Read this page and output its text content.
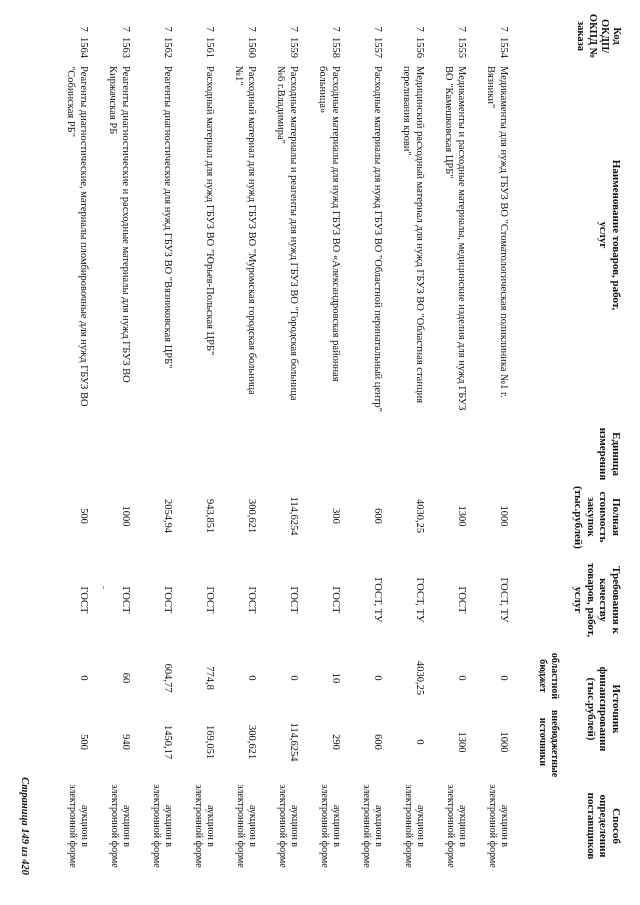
Код ОКДП/ ОКПД № заказа
Наименование товаров, работ, услуг
Единица измерения
Полная стоимость закупок (тыс.рублей)
Требования к качеству товаров, работ, услуг
Источник финансирования (тыс.рублей)
областной бюджет
внебюджетные источники
Способ определения поставщиков
7  1554
Медикаменты для нужд ГБУЗ ВО "Стоматологическая поликлиника №1 г. Вязники"
1000
ГОСТ, ТУ
0
1000
аукцион в электронной форме
7  1555
Медикаменты и расходные материалы, медицинские изделия для нужд ГБУЗ ВО "Камешковская ЦРБ"
1300
ГОСТ
0
1300
аукцион в электронной форме
7  1556
Медицинский расходный материал для нужд ГБУЗ ВО "Областная станция переливания крови"
4030,25
ГОСТ, ТУ
4030,25
0
аукцион в электронной форме
7  1557
Расходные материалы для нужд ГБУЗ ВО "Областной перинатальный центр"
600
ГОСТ, ТУ
0
600
аукцион в электронной форме
7  1558
Расходные материалы для нужд ГБУЗ ВО «Александровская районная больница»
300
ГОСТ
10
290
аукцион в электронной форме
7  1559
Расходные материалы и реагенты для нужд ГБУЗ ВО "Городская больница №6 г.Владимира"
114,6254
ГОСТ
0
114,6254
аукцион в электронной форме
7  1560
Расходный материал для нужд ГБУЗ ВО "Муромская городская больница №1"
300,621
ГОСТ
0
300,621
аукцион в электронной форме
7  1561
Расходный материал для нужд ГБУЗ ВО "Юрьев-Польская ЦРБ"
943,851
ГОСТ
774,8
169,051
аукцион в электронной форме
7  1562
Реагенты диагностические для нужд ГБУЗ ВО "Вязниковская ЦРБ"
2054,94
ГОСТ
604,77
1450,17
аукцион в электронной форме
7  1563
Реагенты диагностические и расходные материалы для нужд ГБУЗ ВО Киржачская РБ
1000
ГОСТ
60
940
аукцион в электронной форме
7  1564
Реагенты диагностические, материалы пломбировочные для нужд ГБУЗ ВО "Собинская РБ"
500
ГОСТ
0
500
аукцион в электронной форме
Страница 149 из 420
